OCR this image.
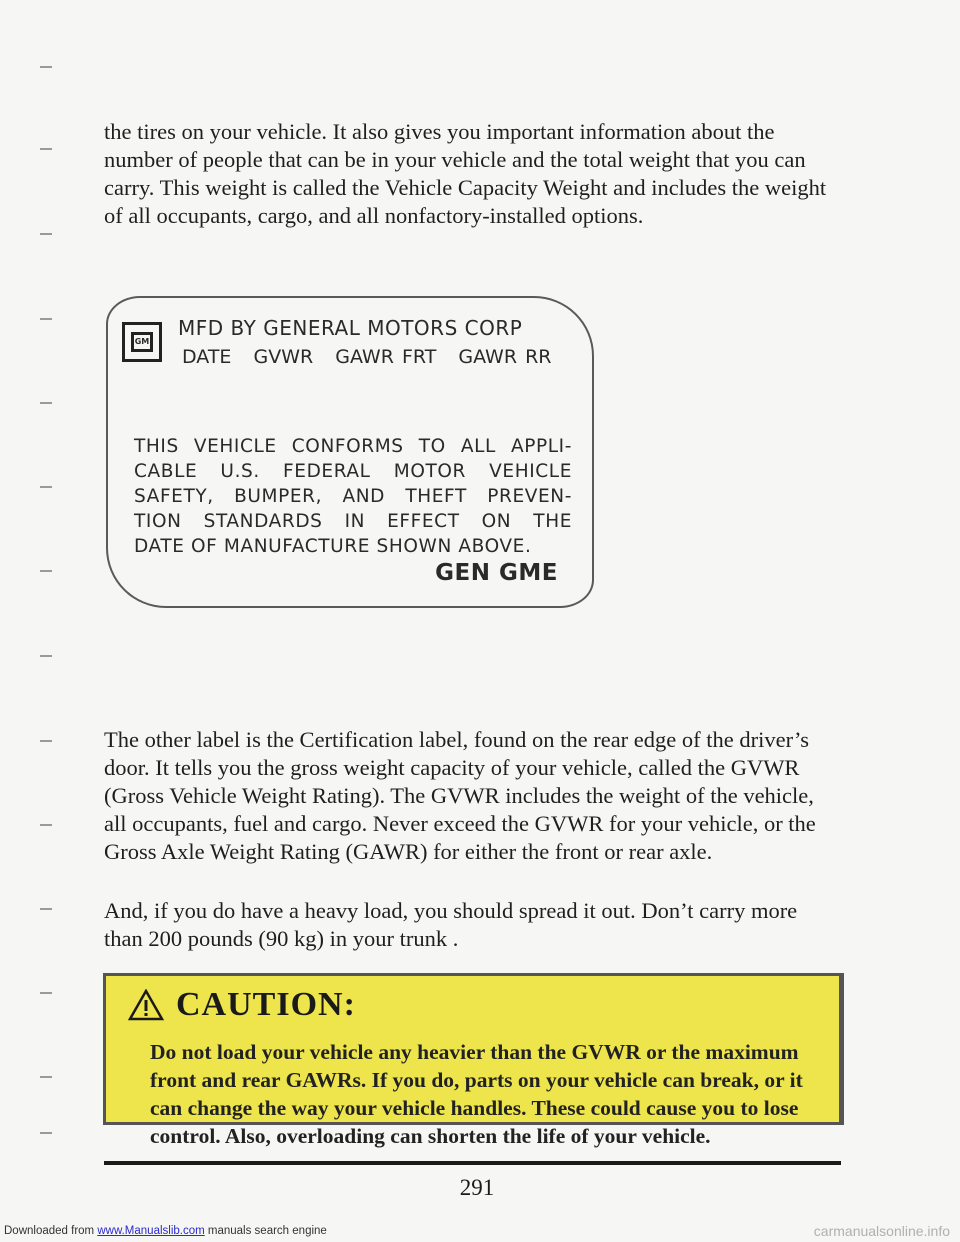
the tires on your vehicle. It also gives you important information about the number of people that can be in your vehicle and the total weight that you can carry. This weight is called the Vehicle Capacity Weight and includes the weight of all occupants, cargo, and all nonfactory-installed options.

GM
MFD BY GENERAL MOTORS CORP
DATE GVWR GAWR FRT GAWR RR
THIS VEHICLE CONFORMS TO ALL APPLI-
CABLE U.S. FEDERAL MOTOR VEHICLE
SAFETY, BUMPER, AND THEFT PREVEN-
TION STANDARDS IN EFFECT ON THE
DATE OF MANUFACTURE SHOWN ABOVE.
GEN GME

The other label is the Certification label, found on the rear edge of the driver’s door. It tells you the gross weight capacity of your vehicle, called the GVWR (Gross Vehicle Weight Rating). The GVWR includes the weight of the vehicle, all occupants, fuel and cargo. Never exceed the GVWR for your vehicle, or the Gross Axle Weight Rating (GAWR) for either the front or rear axle.

And, if you do have a heavy load, you should spread it out. Don’t carry more than 200 pounds (90 kg) in your trunk .

CAUTION:
Do not load your vehicle any heavier than the GVWR or the maximum front and rear GAWRs. If you do, parts on your vehicle can break, or it can change the way your vehicle handles. These could cause you to lose control. Also, overloading can shorten the life of your vehicle.
291
Downloaded from www.Manualslib.com manuals search engine	carmanualsonline.info
